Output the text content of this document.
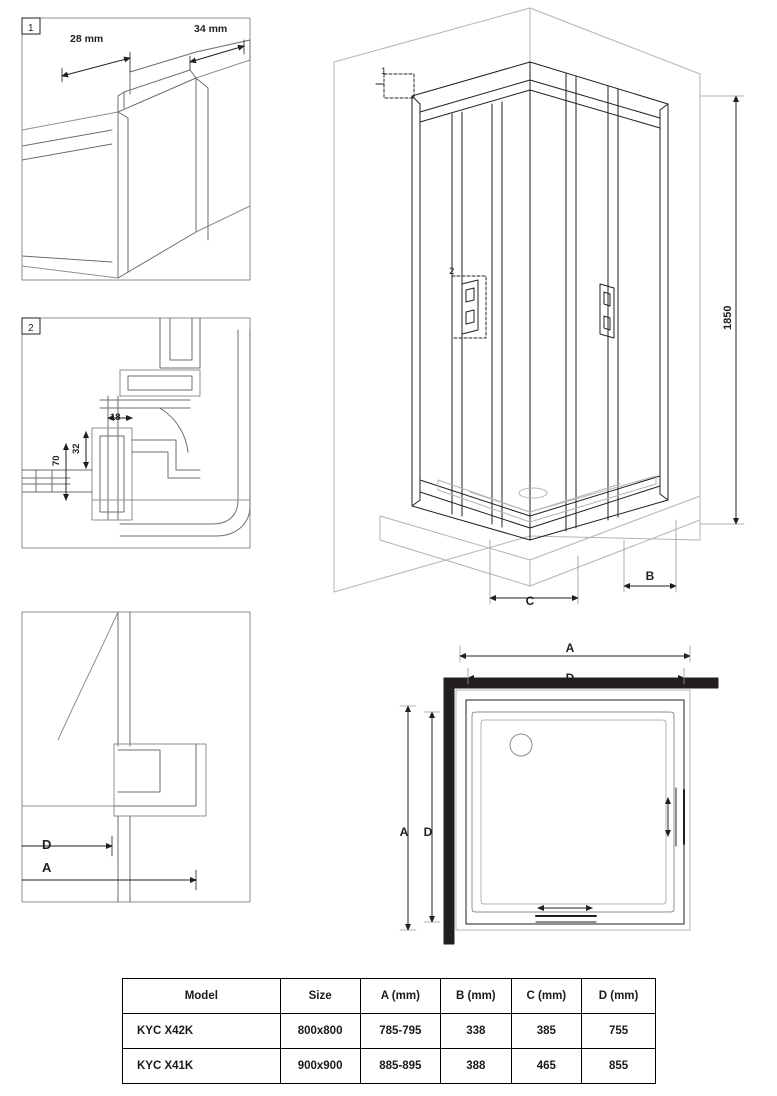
1
2
28 mm
34 mm
18
32
70
D
A
1
2
1850
C
B
A
D
A D
Model	Size	A (mm)	B (mm)	C (mm)	D (mm)
KYC X42K	800x800	785-795	338	385	755
KYC X41K	900x900	885-895	388	465	855
